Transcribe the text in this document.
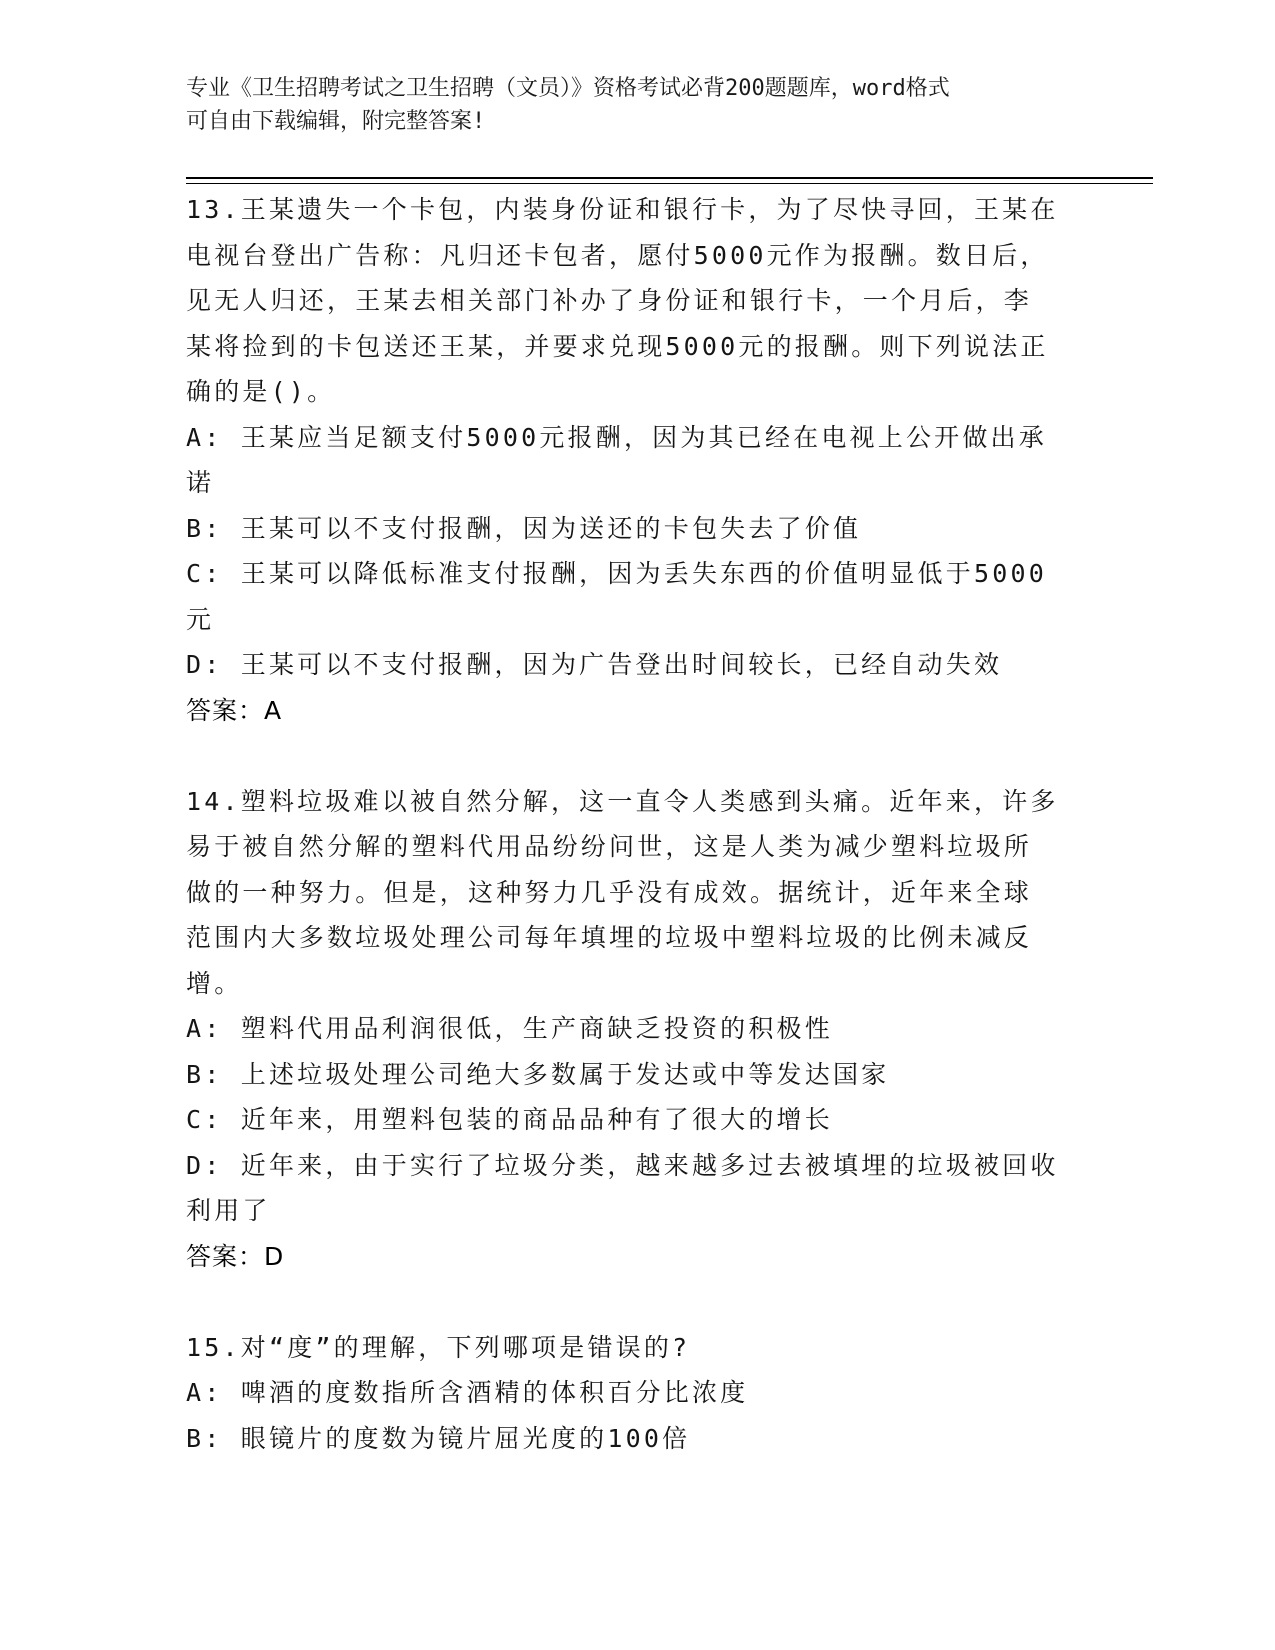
专业《卫生招聘考试之卫生招聘（文员）》资格考试必背200题题库，word格式
可自由下载编辑，附完整答案!
13.王某遗失一个卡包，内装身份证和银行卡，为了尽快寻回，王某在
电视台登出广告称：凡归还卡包者，愿付5000元作为报酬。数日后，
见无人归还，王某去相关部门补办了身份证和银行卡，一个月后，李
某将捡到的卡包送还王某，并要求兑现5000元的报酬。则下列说法正
确的是()。
A: 王某应当足额支付5000元报酬，因为其已经在电视上公开做出承
诺
B: 王某可以不支付报酬，因为送还的卡包失去了价值
C: 王某可以降低标准支付报酬，因为丢失东西的价值明显低于5000
元
D: 王某可以不支付报酬，因为广告登出时间较长，已经自动失效
答案：A
14.塑料垃圾难以被自然分解，这一直令人类感到头痛。近年来，许多
易于被自然分解的塑料代用品纷纷问世，这是人类为减少塑料垃圾所
做的一种努力。但是，这种努力几乎没有成效。据统计，近年来全球
范围内大多数垃圾处理公司每年填埋的垃圾中塑料垃圾的比例未减反
增。
A: 塑料代用品利润很低，生产商缺乏投资的积极性
B: 上述垃圾处理公司绝大多数属于发达或中等发达国家
C: 近年来，用塑料包装的商品品种有了很大的增长
D: 近年来，由于实行了垃圾分类，越来越多过去被填埋的垃圾被回收
利用了
答案：D
15.对“度”的理解，下列哪项是错误的?
A: 啤酒的度数指所含酒精的体积百分比浓度
B: 眼镜片的度数为镜片屈光度的100倍
